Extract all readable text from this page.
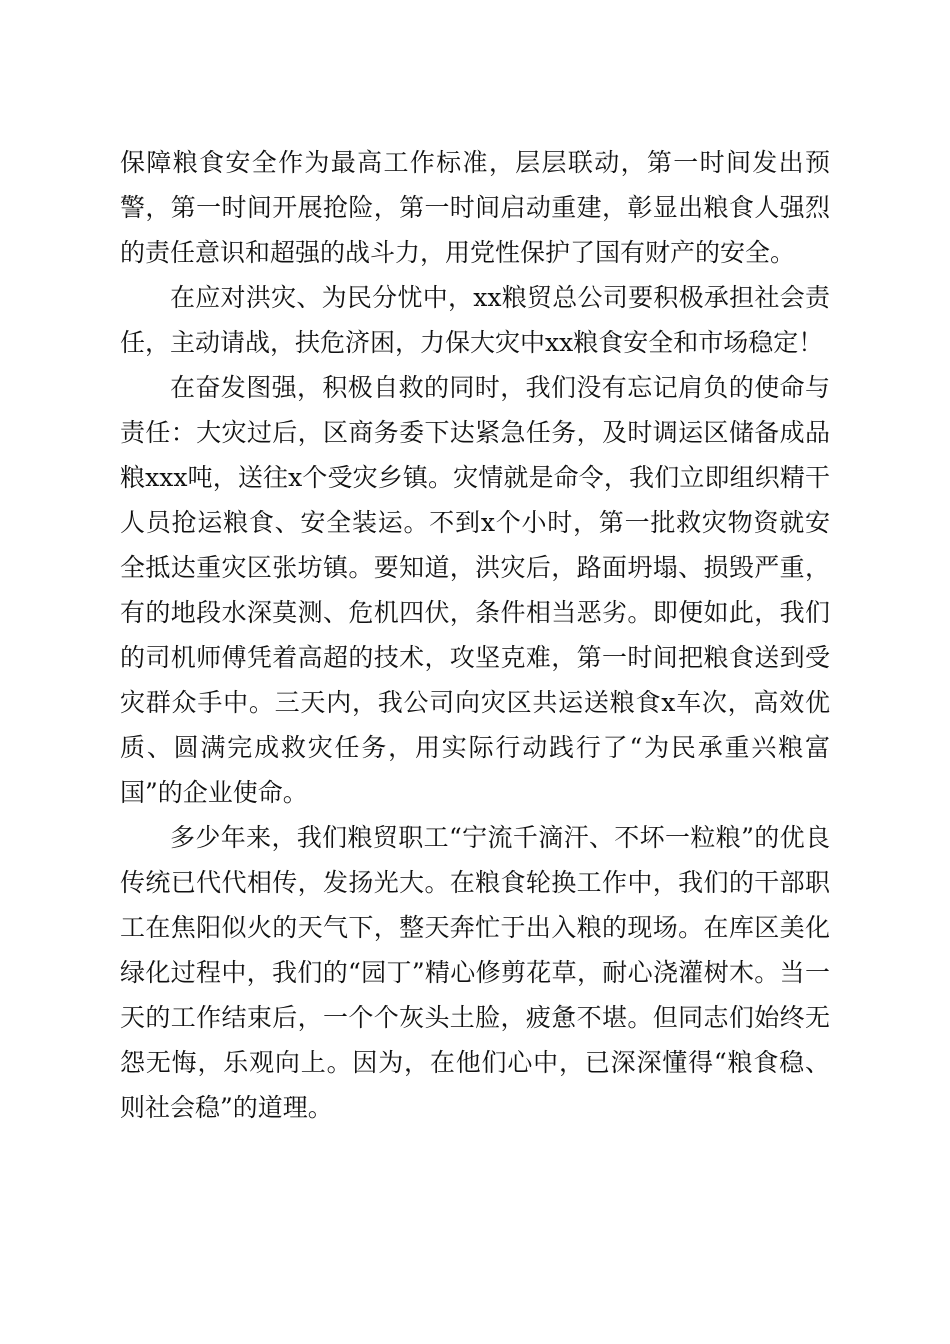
保障粮食安全作为最高工作标准，层层联动，第一时间发出预警，第一时间开展抢险，第一时间启动重建，彰显出粮食人强烈的责任意识和超强的战斗力，用党性保护了国有财产的安全。

在应对洪灾、为民分忧中，xx粮贸总公司要积极承担社会责任，主动请战，扶危济困，力保大灾中xx粮食安全和市场稳定！

在奋发图强，积极自救的同时，我们没有忘记肩负的使命与责任：大灾过后，区商务委下达紧急任务，及时调运区储备成品粮xxx吨，送往x个受灾乡镇。灾情就是命令，我们立即组织精干人员抢运粮食、安全装运。不到x个小时，第一批救灾物资就安全抵达重灾区张坊镇。要知道，洪灾后，路面坍塌、损毁严重，有的地段水深莫测、危机四伏，条件相当恶劣。即便如此，我们的司机师傅凭着高超的技术，攻坚克难，第一时间把粮食送到受灾群众手中。三天内，我公司向灾区共运送粮食x车次，高效优质、圆满完成救灾任务，用实际行动践行了“为民承重兴粮富国”的企业使命。

多少年来，我们粮贸职工“宁流千滴汗、不坏一粒粮”的优良传统已代代相传，发扬光大。在粮食轮换工作中，我们的干部职工在焦阳似火的天气下，整天奔忙于出入粮的现场。在库区美化绿化过程中，我们的“园丁”精心修剪花草，耐心浇灌树木。当一天的工作结束后，一个个灰头土脸，疲惫不堪。但同志们始终无怨无悔，乐观向上。因为，在他们心中，已深深懂得“粮食稳、则社会稳”的道理。
